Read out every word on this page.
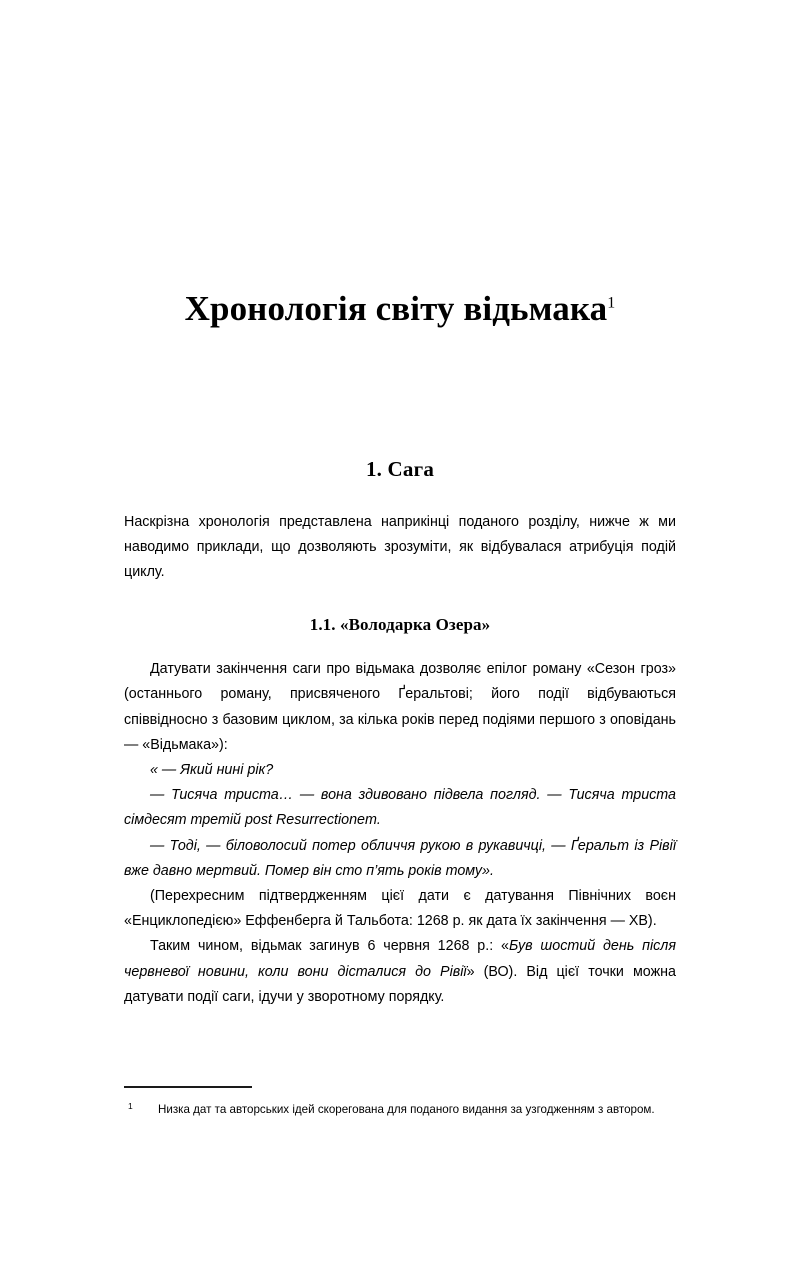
Хронологія світу відьмака$^1$
1. Сага

Наскрізна хронологія представлена наприкінці поданого розділу, нижче ж ми наводимо приклади, що дозволяють зрозуміти, як відбувалася атрибуція подій циклу.

1.1. «Володарка Озера»

Датувати закінчення саги про відьмака дозволяє епілог роману «Сезон гроз» (останнього роману, присвяченого Ґеральтові; його події відбуваються співвідносно з базовим циклом, за кілька років перед подіями першого з оповідань — «Відьмака»):

« — Який нині рік?

— Тисяча триста… — вона здивовано підвела погляд. — Тисяча триста сімдесят третій post Resurrectionem.

— Тоді, — біловолосий потер обличчя рукою в рукавичці, — Ґеральт із Рівії вже давно мертвий. Помер він сто п’ять років тому».

(Перехресним підтвердженням цієї дати є датування Північних воєн «Енциклопедією» Еффенберга й Тальбота: 1268 р. як дата їх закінчення — ХВ).

Таким чином, відьмак загинув 6 червня 1268 р.: «Був шостий день після червневої новини, коли вони дісталися до Рівії» (ВО). Від цієї точки можна датувати події саги, ідучи у зворотному порядку.

1 Низка дат та авторських ідей скорегована для поданого видання за узгодженням з автором.
